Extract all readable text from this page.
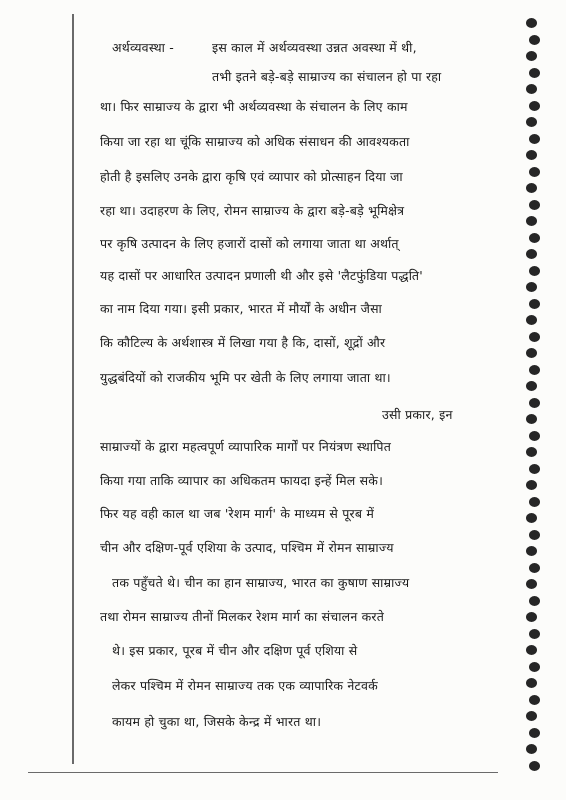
अर्थव्यवस्था -	इस काल में अर्थव्यवस्था उन्नत अवस्था में थी,
तभी इतने बड़े-बड़े साम्राज्य का संचालन हो पा रहा
था। फिर साम्राज्य के द्वारा भी अर्थव्यवस्था के संचालन के लिए काम
किया जा रहा था चूंकि साम्राज्य को अधिक संसाधन की आवश्यकता
होती है इसलिए उनके द्वारा कृषि एवं व्यापार को प्रोत्साहन दिया जा
रहा था। उदाहरण के लिए, रोमन साम्राज्य के द्वारा बड़े-बड़े भूमिक्षेत्र
पर कृषि उत्पादन के लिए हजारों दासों को लगाया जाता था अर्थात्
यह दासों पर आधारित उत्पादन प्रणाली थी और इसे 'लैटफुंडिया पद्धति'
का नाम दिया गया। इसी प्रकार, भारत में मौर्यों के अधीन जैसा
कि कौटिल्य के अर्थशास्त्र में लिखा गया है कि, दासों, शूद्रों और
युद्धबंदियों को राजकीय भूमि पर खेती के लिए लगाया जाता था।
उसी प्रकार, इन
साम्राज्यों के द्वारा महत्वपूर्ण व्यापारिक मार्गों पर नियंत्रण स्थापित
किया गया ताकि व्यापार का अधिकतम फायदा इन्हें मिल सके।
फिर यह वही काल था जब 'रेशम मार्ग' के माध्यम से पूरब में
चीन और दक्षिण-पूर्व एशिया के उत्पाद, पश्चिम में रोमन साम्राज्य
तक पहुँचते थे। चीन का हान साम्राज्य, भारत का कुषाण साम्राज्य
तथा रोमन साम्राज्य तीनों मिलकर रेशम मार्ग का संचालन करते
थे। इस प्रकार, पूरब में चीन और दक्षिण पूर्व एशिया से
लेकर पश्चिम में रोमन साम्राज्य तक एक व्यापारिक नेटवर्क
कायम हो चुका था, जिसके केन्द्र में भारत था।
